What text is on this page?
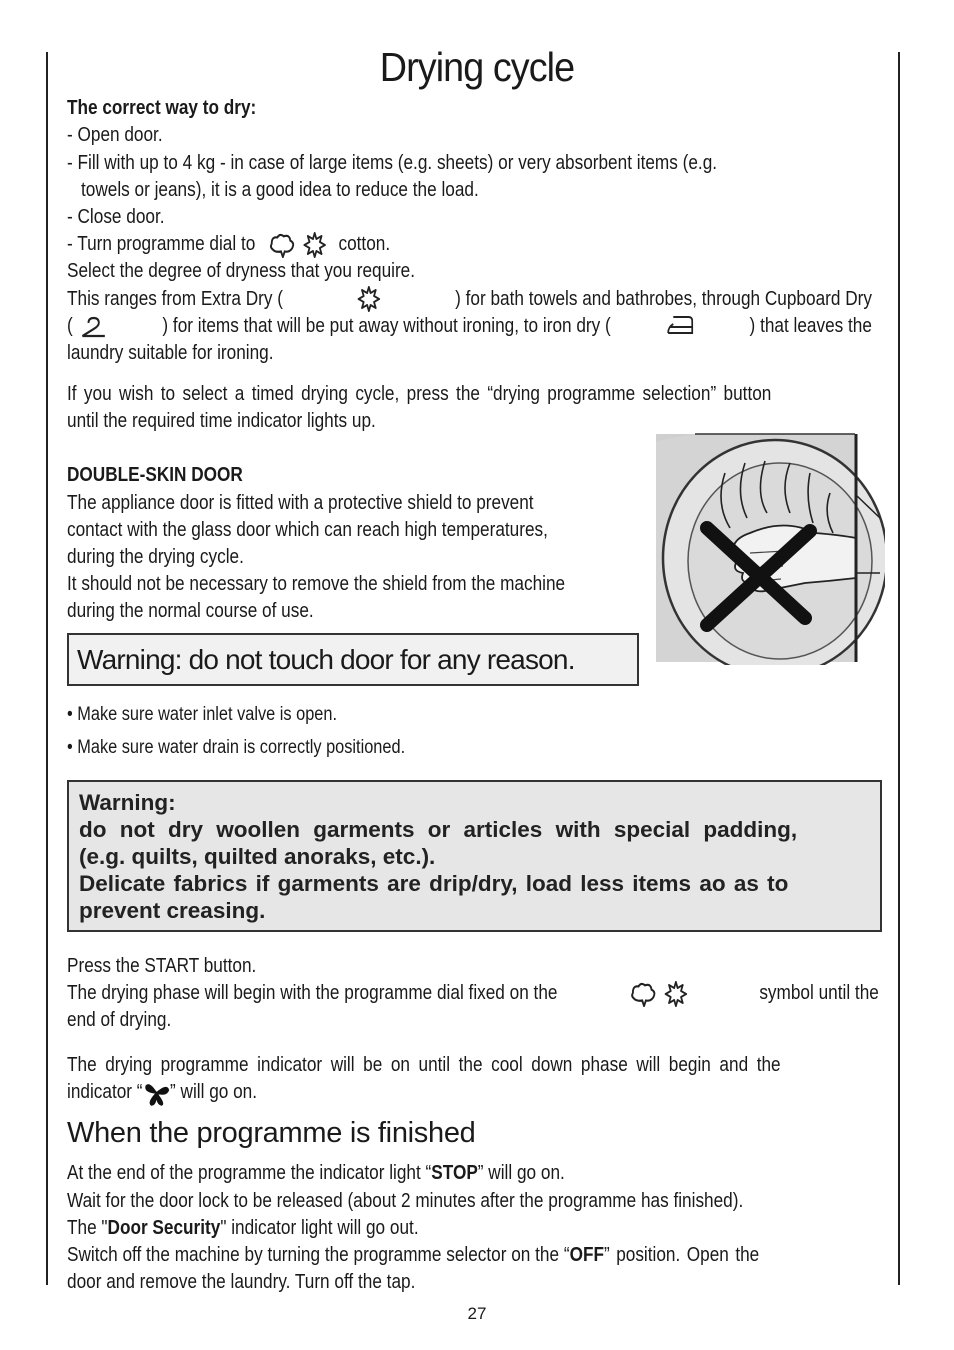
Drying cycle
The correct way to dry:
- Open door.
- Fill with up to 4 kg - in case of large items (e.g. sheets) or very absorbent items (e.g.
towels or jeans), it is a good idea to reduce the load.
- Close door.
- Turn programme dial to	cotton.
Select the degree of dryness that you require.
This ranges from Extra Dry (	) for bath towels and bathrobes, through Cupboard Dry
(	) for items that will be put away without ironing, to iron dry (	) that leaves the
laundry suitable for ironing.
If you wish to select a timed drying cycle, press the “drying programme selection” button
until the required time indicator lights up.
DOUBLE-SKIN DOOR
The appliance door is fitted with a protective shield to prevent
contact with the glass door which can reach high temperatures,
during the drying cycle.
It should not be necessary to remove the shield from the machine
during the normal course of use.
Warning: do not touch door for any reason.
• Make sure water inlet valve is open.
• Make sure water drain is correctly positioned.
Warning:
do not dry woollen garments or articles with special padding,
(e.g. quilts, quilted anoraks, etc.).
Delicate fabrics if garments are drip/dry, load less items ao as to
prevent creasing.
Press the START button.
The drying phase will begin with the programme dial fixed on the
	symbol until the
end of drying.
The drying programme indicator will be on until the cool down phase will begin and the
indicator “ ” will go on.
When the programme is finished
At the end of the programme the indicator light “STOP” will go on.
Wait for the door lock to be released (about 2 minutes after the programme has finished).
The "Door Security" indicator light will go out.
Switch off the machine by turning the programme selector on the “OFF” position. Open the
door and remove the laundry. Turn off the tap.
27
